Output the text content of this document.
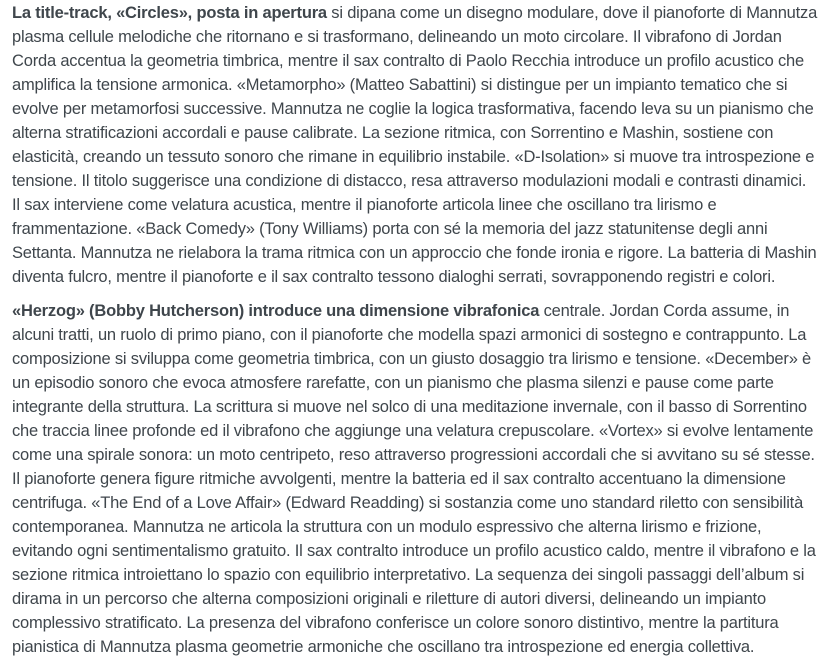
La title-track, «Circles», posta in apertura si dipana come un disegno modulare, dove il pianoforte di Mannutza plasma cellule melodiche che ritornano e si trasformano, delineando un moto circolare. Il vibrafono di Jordan Corda accentua la geometria timbrica, mentre il sax contralto di Paolo Recchia introduce un profilo acustico che amplifica la tensione armonica. «Metamorpho» (Matteo Sabattini) si distingue per un impianto tematico che si evolve per metamorfosi successive. Mannutza ne coglie la logica trasformativa, facendo leva su un pianismo che alterna stratificazioni accordali e pause calibrate. La sezione ritmica, con Sorrentino e Mashin, sostiene con elasticità, creando un tessuto sonoro che rimane in equilibrio instabile. «D-Isolation» si muove tra introspezione e tensione. Il titolo suggerisce una condizione di distacco, resa attraverso modulazioni modali e contrasti dinamici. Il sax interviene come velatura acustica, mentre il pianoforte articola linee che oscillano tra lirismo e frammentazione. «Back Comedy» (Tony Williams) porta con sé la memoria del jazz statunitense degli anni Settanta. Mannutza ne rielabora la trama ritmica con un approccio che fonde ironia e rigore. La batteria di Mashin diventa fulcro, mentre il pianoforte e il sax contralto tessono dialoghi serrati, sovrapponendo registri e colori.

«Herzog» (Bobby Hutcherson) introduce una dimensione vibrafonica centrale. Jordan Corda assume, in alcuni tratti, un ruolo di primo piano, con il pianoforte che modella spazi armonici di sostegno e contrappunto. La composizione si sviluppa come geometria timbrica, con un giusto dosaggio tra lirismo e tensione. «December» è un episodio sonoro che evoca atmosfere rarefatte, con un pianismo che plasma silenzi e pause come parte integrante della struttura. La scrittura si muove nel solco di una meditazione invernale, con il basso di Sorrentino che traccia linee profonde ed il vibrafono che aggiunge una velatura crepuscolare. «Vortex» si evolve lentamente come una spirale sonora: un moto centripeto, reso attraverso progressioni accordali che si avvitano su sé stesse. Il pianoforte genera figure ritmiche avvolgenti, mentre la batteria ed il sax contralto accentuano la dimensione centrifuga. «The End of a Love Affair» (Edward Readding) si sostanzia come uno standard riletto con sensibilità contemporanea. Mannutza ne articola la struttura con un modulo espressivo che alterna lirismo e frizione, evitando ogni sentimentalismo gratuito. Il sax contralto introduce un profilo acustico caldo, mentre il vibrafono e la sezione ritmica introiettano lo spazio con equilibrio interpretativo. La sequenza dei singoli passaggi dell’album si dirama in un percorso che alterna composizioni originali e riletture di autori diversi, delineando un impianto complessivo stratificato. La presenza del vibrafono conferisce un colore sonoro distintivo, mentre la partitura pianistica di Mannutza plasma geometrie armoniche che oscillano tra introspezione ed energia collettiva.
